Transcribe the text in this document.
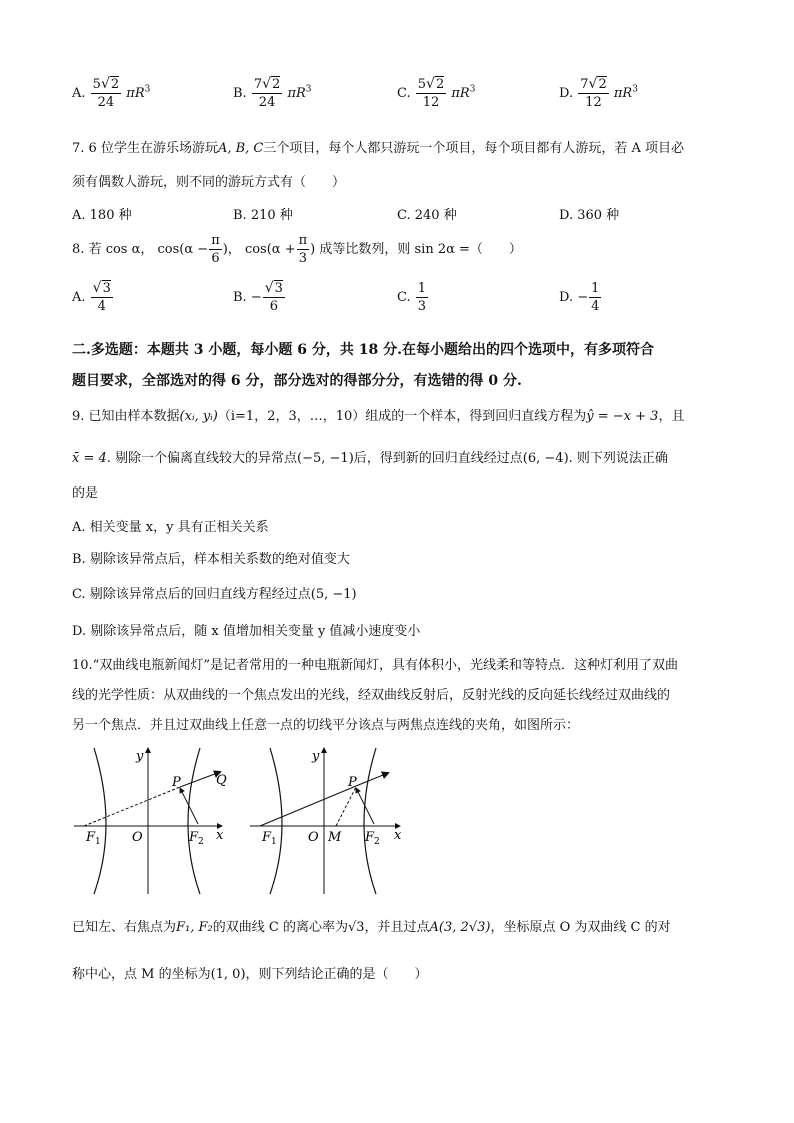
A. $\frac{5√2}{24} \pi R^3$	B. $\frac{7√2}{24} \pi R^3$	C. $\frac{5√2}{12} \pi R^3$	D. $\frac{7√2}{12} \pi R^3$
7. 6 位学生在游乐场游玩A, B, C三个项目，每个人都只游玩一个项目，每个项目都有人游玩，若 A 项目必
须有偶数人游玩，则不同的游玩方式有（　　）
A. 180 种	B. 210 种	C. 240 种	D. 360 种
8. 若 cos α， $\cos(\alpha - \frac{\pi}{6}$ )， $\cos(\alpha + \frac{\pi}{3}$ ) 成等比数列，则 sin 2α =（　　）
A. $\frac{√3}{4}$	B. − $\frac{√3}{6}$	C. $\frac{1}{3}$	D. − $\frac{1}{4}$
二.多选题：本题共 3 小题，每小题 6 分，共 18 分.在每小题给出的四个选项中，有多项符合
题目要求，全部选对的得 6 分，部分选对的得部分分，有选错的得 0 分.
9. 已知由样本数据(xᵢ, yᵢ)（i=1，2，3，…，10）组成的一个样本，得到回归直线方程为ŷ = −x + 3，且
x̄ = 4. 剔除一个偏离直线较大的异常点(−5, −1)后，得到新的回归直线经过点(6, −4). 则下列说法正确
的是
A. 相关变量 x，y 具有正相关关系
B. 剔除该异常点后，样本相关系数的绝对值变大
C. 剔除该异常点后的回归直线方程经过点(5, −1)
D. 剔除该异常点后，随 x 值增加相关变量 y 值减小速度变小
10.“双曲线电瓶新闻灯”是记者常用的一种电瓶新闻灯，具有体积小，光线柔和等特点．这种灯利用了双曲
线的光学性质：从双曲线的一个焦点发出的光线，经双曲线反射后，反射光线的反向延长线经过双曲线的
另一个焦点．并且过双曲线上任意一点的切线平分该点与两焦点连线的夹角，如图所示：
y
x
O
P	Q
$F_1$	$F_2$
y
x
O M
P
$F_1$	$F_2$
已知左、右焦点为F₁, F₂的双曲线 C 的离心率为√3，并且过点A(3, 2√3)，坐标原点 O 为双曲线 C 的对
称中心，点 M 的坐标为(1, 0)，则下列结论正确的是（　　）
